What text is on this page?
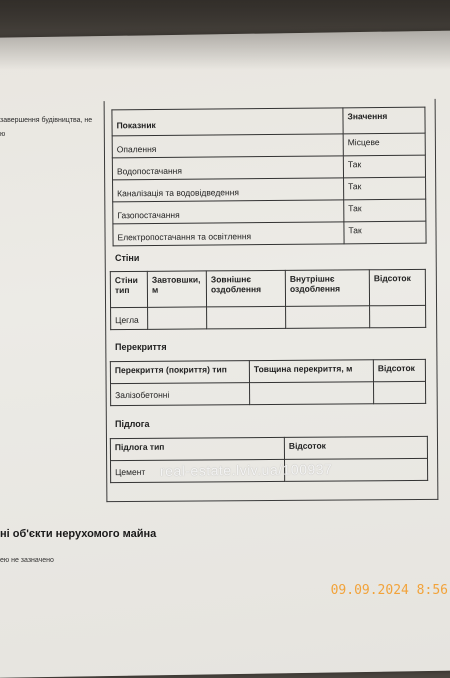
завершення будівництва, не
ю
Показник	Значення
Опалення	Місцеве
Водопостачання	Так
Каналізація та водовідведення	Так
Газопостачання	Так
Електропостачання та освітлення	Так
Стіни
Стіни тип	Завтовшки, м	Зовнішнє оздоблення	Внутрішнє оздоблення	Відсоток
Цегла				
Перекриття
Перекриття (покриття) тип	Товщина перекриття, м	Відсоток
Залізобетонні		
Підлога
Підлога тип	Відсоток
Цемент	real-estate.lviv.ua/100937
ні об'єкти нерухомого майна
ею не зазначено
09.09.2024 8:56
